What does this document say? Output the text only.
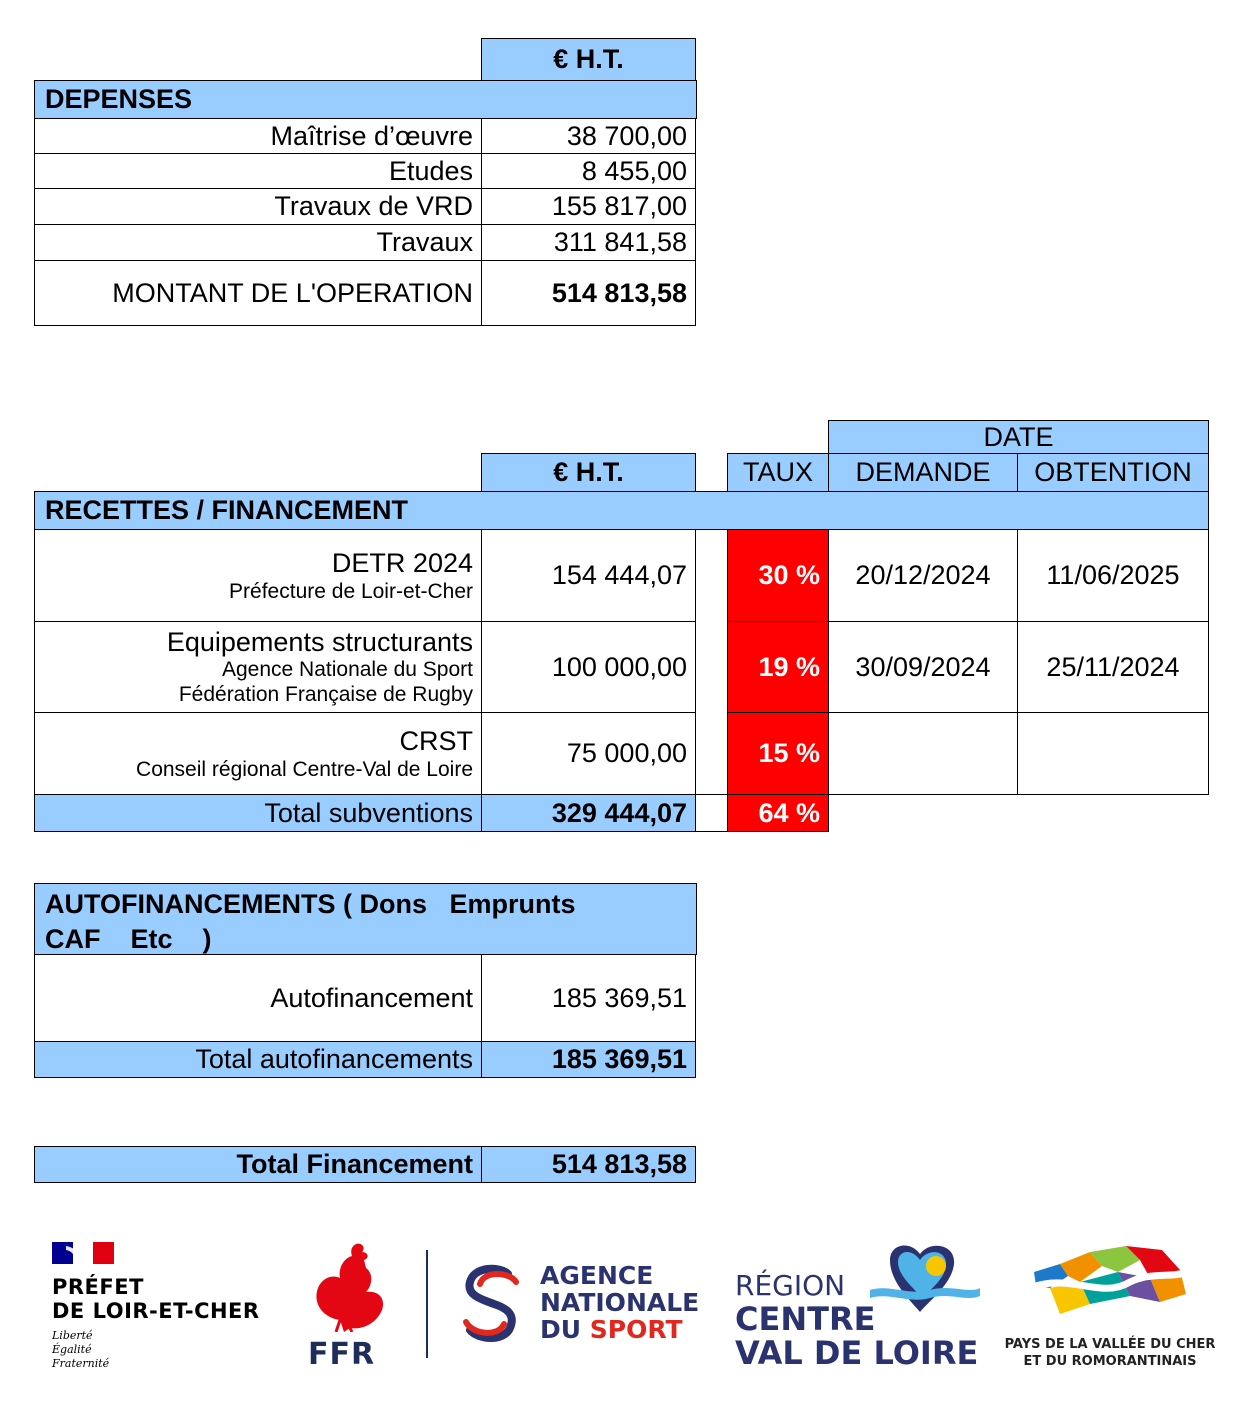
€ H.T.
DEPENSES
Maîtrise d’œuvre	38 700,00
Etudes	8 455,00
Travaux de VRD	155 817,00
Travaux	311 841,58
MONTANT DE L'OPERATION	514 813,58
DATE
€ H.T.	TAUX DEMANDE OBTENTION
RECETTES / FINANCEMENT
DETR 2024
Préfecture de Loir-et-Cher
154 444,07	30 % 20/12/2024 11/06/2025
Equipements structurants
Agence Nationale du Sport
Fédération Française de Rugby
100 000,00	19 % 30/09/2024 25/11/2024
CRST
Conseil régional Centre-Val de Loire
75 000,00	15 %
Total subventions	329 444,07	64 %
AUTOFINANCEMENTS ( Dons   Emprunts
CAF    Etc    )
Autofinancement	185 369,51
Total autofinancements	185 369,51
Total Financement	514 813,58
PRÉFET
DE LOIR-ET-CHER
Liberté
Égalité
Fraternité	FFR
AGENCE
NATIONALE
DU SPORT
RÉGION
CENTRE
VAL DE LOIRE	PAYS DE LA VALLÉE DU CHER
ET DU ROMORANTINAIS
